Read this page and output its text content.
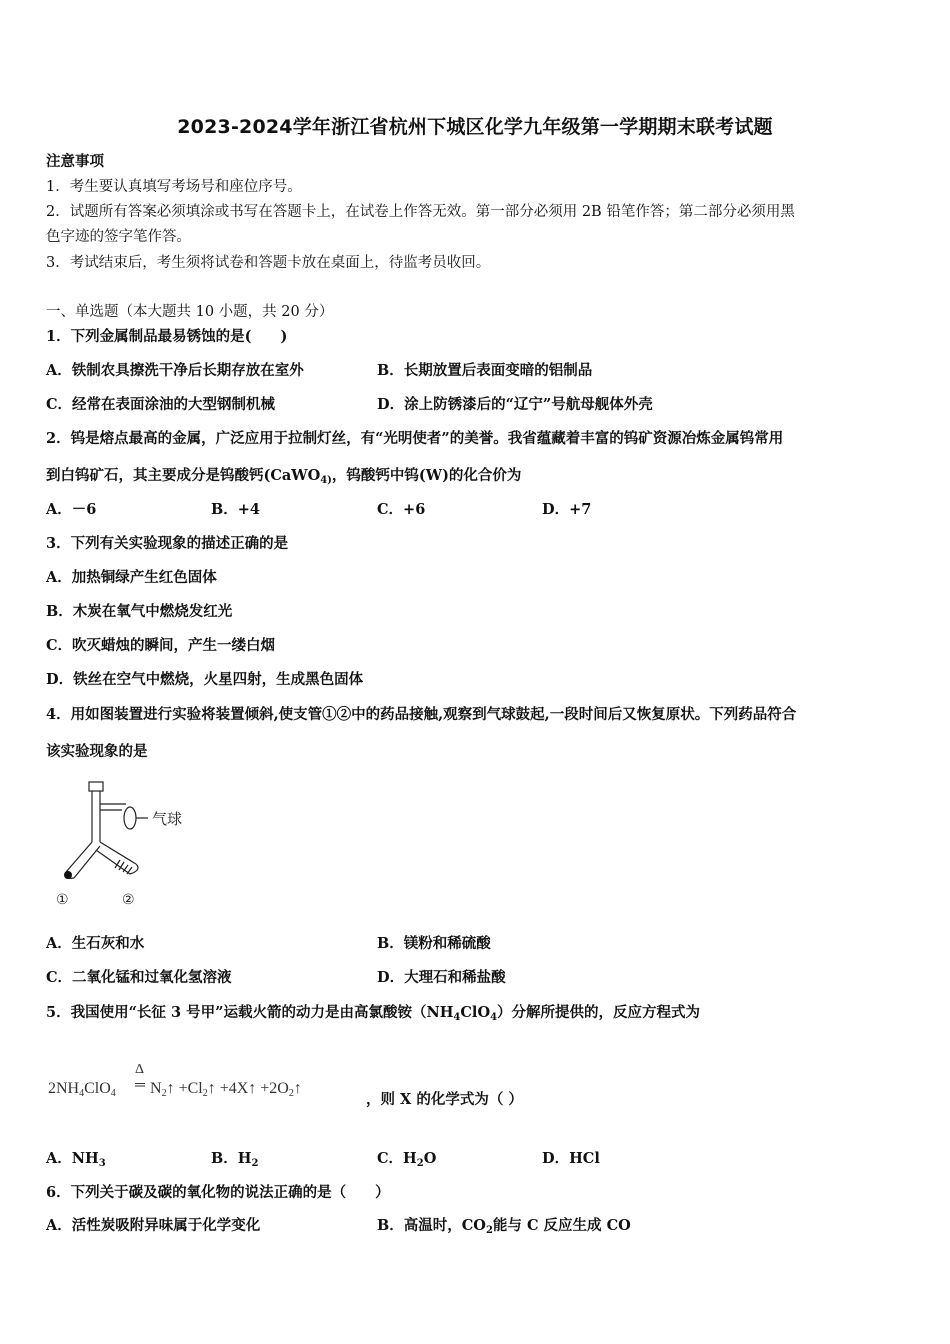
2023-2024学年浙江省杭州下城区化学九年级第一学期期末联考试题
注意事项
1．考生要认真填写考场号和座位序号。
2．试题所有答案必须填涂或书写在答题卡上，在试卷上作答无效。第一部分必须用 2B 铅笔作答；第二部分必须用黑
色字迹的签字笔作答。
3．考试结束后，考生须将试卷和答题卡放在桌面上，待监考员收回。
一、单选题（本大题共 10 小题，共 20 分）
1．下列金属制品最易锈蚀的是(　　)
A．铁制农具擦洗干净后长期存放在室外	B．长期放置后表面变暗的铝制品
C．经常在表面涂油的大型钢制机械	D．涂上防锈漆后的“辽宁”号航母舰体外壳
2．钨是熔点最高的金属，广泛应用于拉制灯丝，有“光明使者”的美誉。我省蕴藏着丰富的钨矿资源冶炼金属钨常用
到白钨矿石，其主要成分是钨酸钙(CaWO$_{4)}$，钨酸钙中钨(W)的化合价为
A．－6	B．+4	C．+6	D．+7
3．下列有关实验现象的描述正确的是
A．加热铜绿产生红色固体
B．木炭在氧气中燃烧发红光
C．吹灭蜡烛的瞬间，产生一缕白烟
D．铁丝在空气中燃烧，火星四射，生成黑色固体
4．用如图装置进行实验将装置倾斜,使支管①②中的药品接触,观察到气球鼓起,一段时间后又恢复原状。下列药品符合
该实验现象的是
气球
①	②
A．生石灰和水	B．镁粉和稀硫酸
C．二氧化锰和过氧化氢溶液	D．大理石和稀盐酸
5．我国使用“长征 3 号甲”运载火箭的动力是由高氯酸铵$(NH_4ClO_4)$分解所提供的，反应方程式为
$2NH_4ClO_4$
Δ
═ $N_2↑$ $+Cl_2↑$ +4X↑ $+2O_2↑$
，则 X 的化学式为（ ）
A．$NH_3$	B．$H_2$	C．$H_2O$	D．HCl
6．下列关于碳及碳的氧化物的说法正确的是（　　）
A．活性炭吸附异味属于化学变化	B．高温时，$CO_2$能与 C 反应生成 CO
